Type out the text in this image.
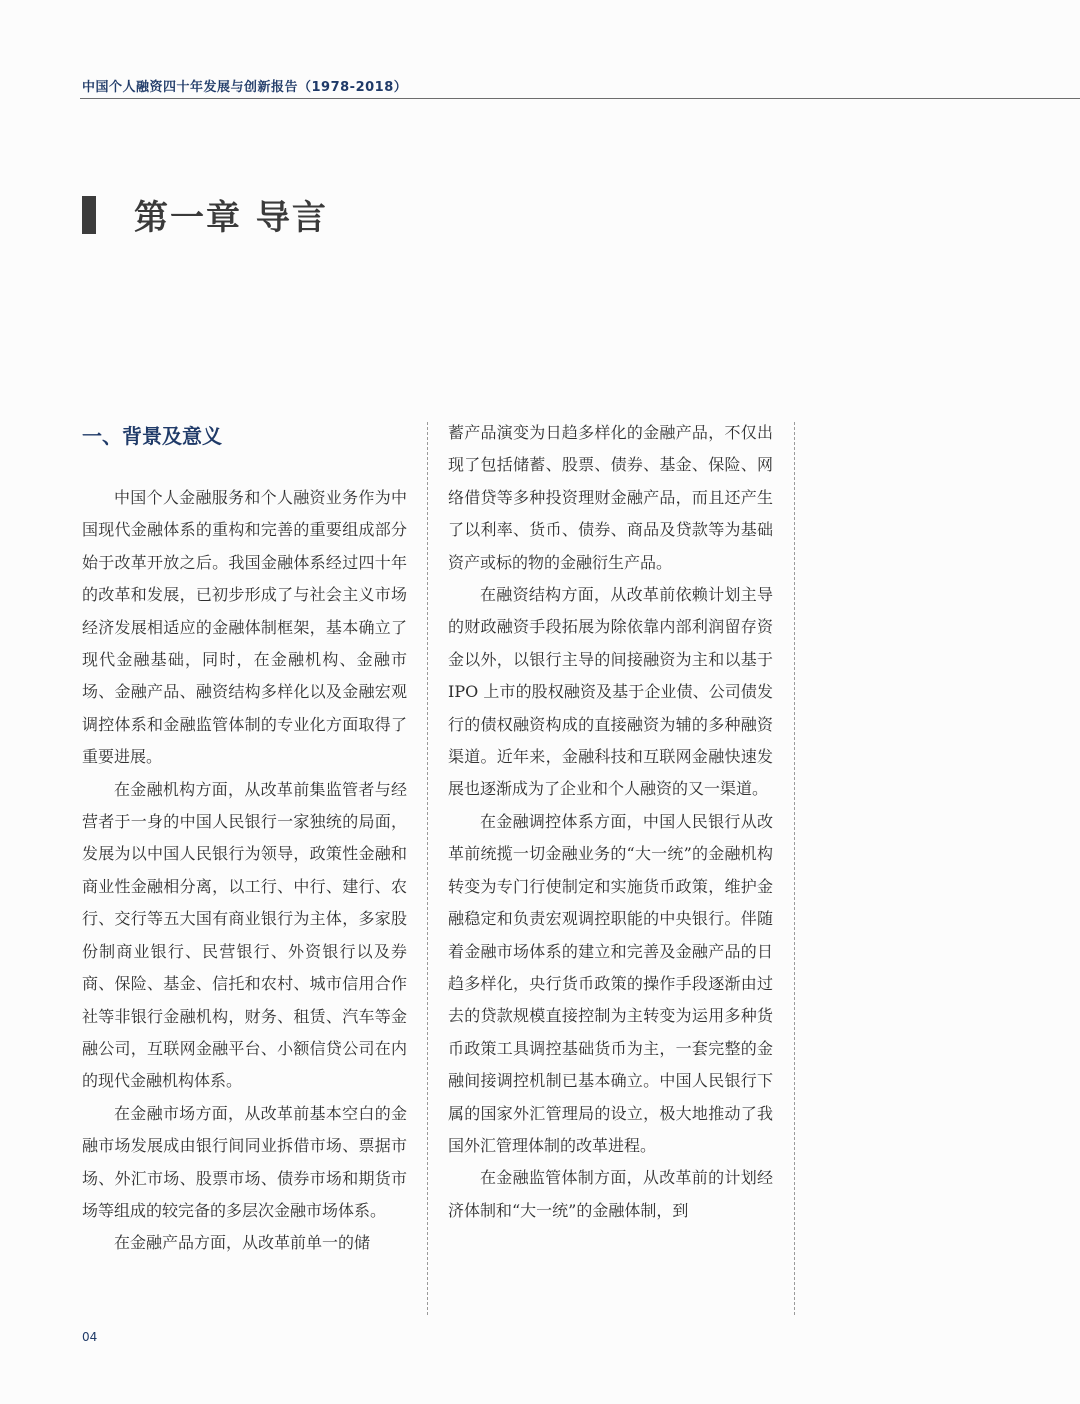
中国个人融资四十年发展与创新报告（1978-2018）
第一章 导言
一、背景及意义

中国个人金融服务和个人融资业务作为中国现代金融体系的重构和完善的重要组成部分始于改革开放之后。我国金融体系经过四十年的改革和发展，已初步形成了与社会主义市场经济发展相适应的金融体制框架，基本确立了现代金融基础，同时，在金融机构、金融市场、金融产品、融资结构多样化以及金融宏观调控体系和金融监管体制的专业化方面取得了重要进展。

在金融机构方面，从改革前集监管者与经营者于一身的中国人民银行一家独统的局面，发展为以中国人民银行为领导，政策性金融和商业性金融相分离，以工行、中行、建行、农行、交行等五大国有商业银行为主体，多家股份制商业银行、民营银行、外资银行以及券商、保险、基金、信托和农村、城市信用合作社等非银行金融机构，财务、租赁、汽车等金融公司，互联网金融平台、小额信贷公司在内的现代金融机构体系。

在金融市场方面，从改革前基本空白的金融市场发展成由银行间同业拆借市场、票据市场、外汇市场、股票市场、债券市场和期货市场等组成的较完备的多层次金融市场体系。

在金融产品方面，从改革前单一的储

蓄产品演变为日趋多样化的金融产品，不仅出现了包括储蓄、股票、债券、基金、保险、网络借贷等多种投资理财金融产品，而且还产生了以利率、货币、债券、商品及贷款等为基础资产或标的物的金融衍生产品。

在融资结构方面，从改革前依赖计划主导的财政融资手段拓展为除依靠内部利润留存资金以外，以银行主导的间接融资为主和以基于 IPO 上市的股权融资及基于企业债、公司债发行的债权融资构成的直接融资为辅的多种融资渠道。近年来，金融科技和互联网金融快速发展也逐渐成为了企业和个人融资的又一渠道。

在金融调控体系方面，中国人民银行从改革前统揽一切金融业务的“大一统”的金融机构转变为专门行使制定和实施货币政策，维护金融稳定和负责宏观调控职能的中央银行。伴随着金融市场体系的建立和完善及金融产品的日趋多样化，央行货币政策的操作手段逐渐由过去的贷款规模直接控制为主转变为运用多种货币政策工具调控基础货币为主，一套完整的金融间接调控机制已基本确立。中国人民银行下属的国家外汇管理局的设立，极大地推动了我国外汇管理体制的改革进程。

在金融监管体制方面，从改革前的计划经济体制和“大一统”的金融体制，到

04
